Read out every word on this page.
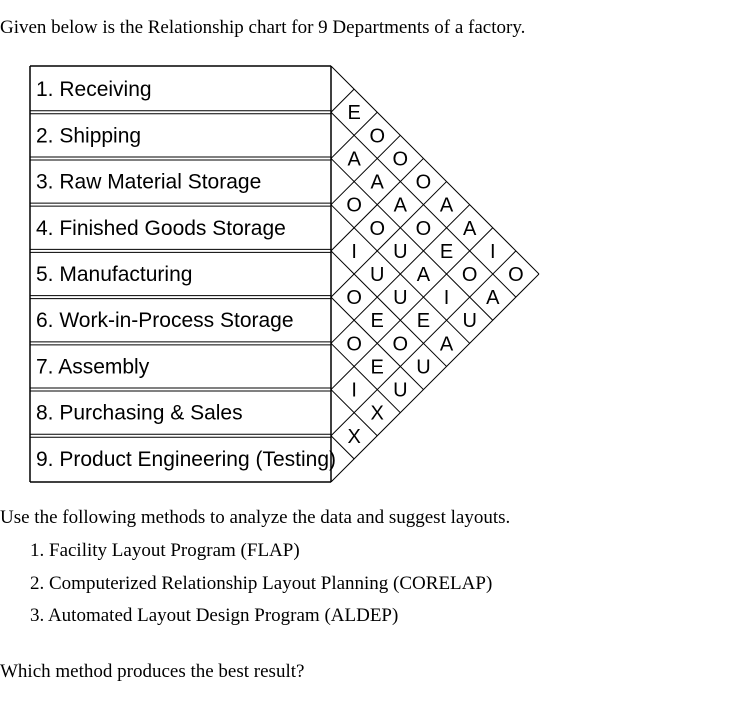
Given below is the Relationship chart for 9 Departments of a factory.
1. Receiving
2. Shipping
3. Raw Material Storage
4. Finished Goods Storage
5. Manufacturing
6. Work-in-Process Storage
7. Assembly
8. Purchasing & Sales
9. Product Engineering (Testing)
E
O
O
O
A
A
I
O
A
A
A
O
E
O
A
O
O
U
A
I
U
I
U
U
E
A
O
E
O
U
O
E
U
I
X
X
Use the following methods to analyze the data and suggest layouts.
1. Facility Layout Program (FLAP)
2. Computerized Relationship Layout Planning (CORELAP)
3. Automated Layout Design Program (ALDEP)
Which method produces the best result?
